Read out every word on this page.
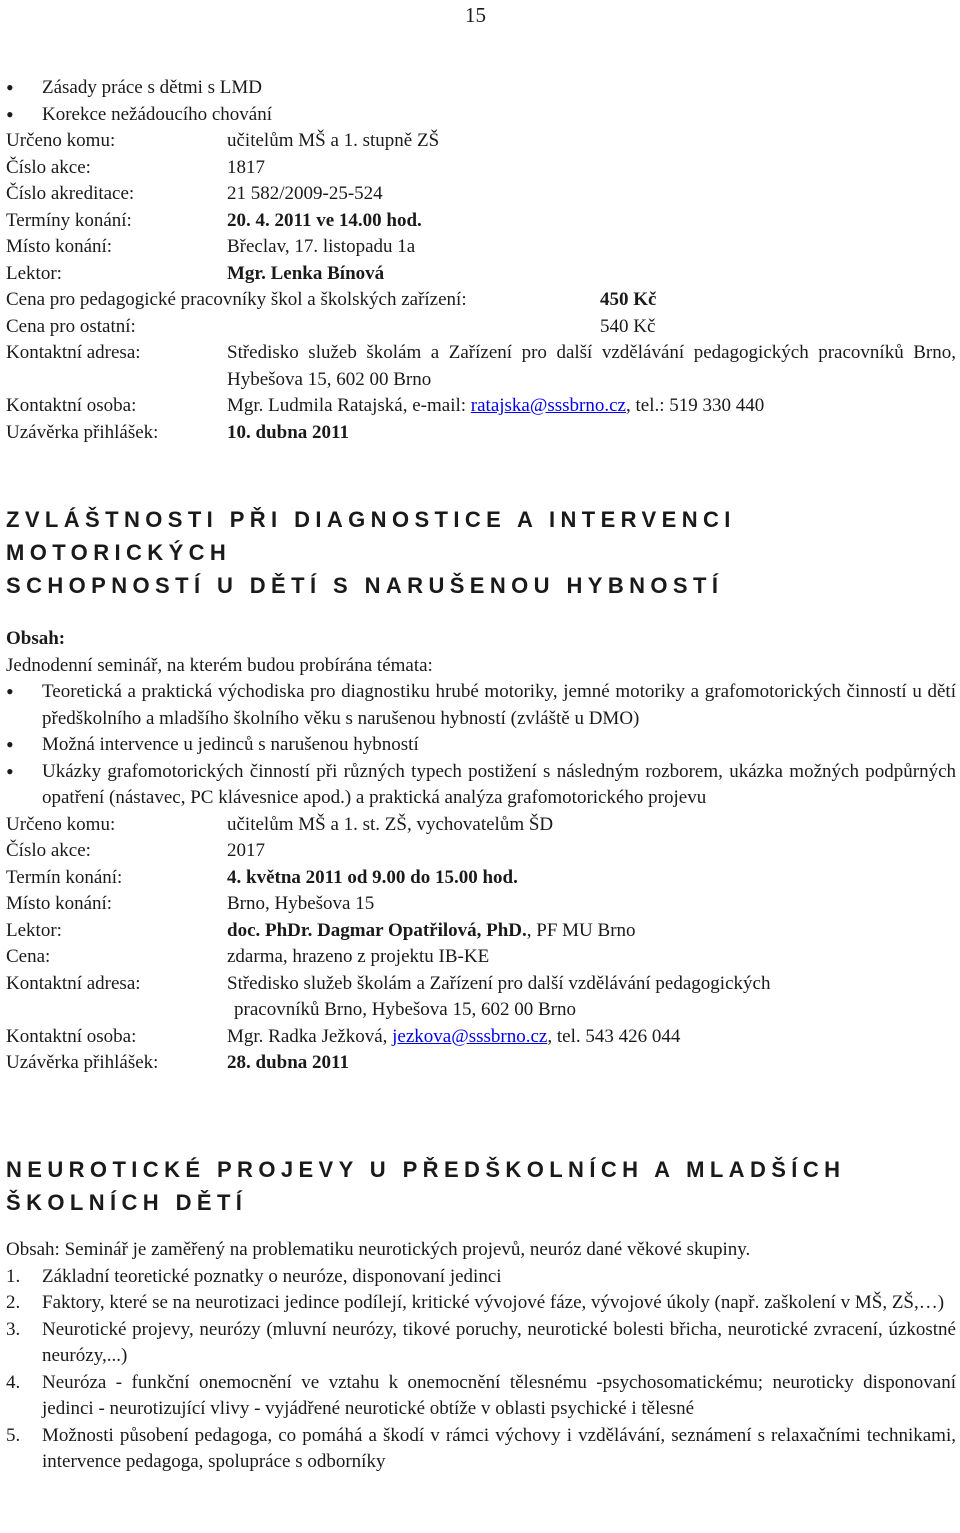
15
• Zásady práce s dětmi s LMD
• Korekce nežádoucího chování
Určeno komu:	učitelům MŠ a 1. stupně ZŠ
Číslo akce:	1817
Číslo akreditace:	21 582/2009-25-524
Termíny konání:	20. 4. 2011 ve 14.00 hod.
Místo konání:	Břeclav, 17. listopadu 1a
Lektor:	Mgr. Lenka Bínová
Cena pro pedagogické pracovníky škol a školských zařízení:	450 Kč
Cena pro ostatní:	540 Kč
Kontaktní adresa:	Středisko služeb školám a Zařízení pro další vzdělávání pedagogických pracovníků Brno, Hybešova 15, 602 00 Brno
Kontaktní osoba:	Mgr. Ludmila Ratajská, e-mail: ratajska@sssbrno.cz, tel.: 519 330 440
Uzávěrka přihlášek:	10. dubna 2011
ZVLÁŠTNOSTI PŘI DIAGNOSTICE A INTERVENCI MOTORICKÝCH
SCHOPNOSTÍ U DĚTÍ S NARUŠENOU HYBNOSTÍ
Obsah:
Jednodenní seminář, na kterém budou probírána témata:
• Teoretická a praktická východiska pro diagnostiku hrubé motoriky, jemné motoriky a grafomotorických činností u dětí předškolního a mladšího školního věku s narušenou hybností (zvláště u DMO)
• Možná intervence u jedinců s narušenou hybností
• Ukázky grafomotorických činností při různých typech postižení s následným rozborem, ukázka možných podpůrných opatření (nástavec, PC klávesnice apod.) a praktická analýza grafomotorického projevu
Určeno komu:	učitelům MŠ a 1. st. ZŠ, vychovatelům ŠD
Číslo akce:	2017
Termín konání:	4. května 2011 od 9.00 do 15.00 hod.
Místo konání:	Brno, Hybešova 15
Lektor:	doc. PhDr. Dagmar Opatřilová, PhD., PF MU Brno
Cena:	zdarma, hrazeno z projektu IB-KE
Kontaktní adresa:	Středisko služeb školám a Zařízení pro další vzdělávání pedagogických
pracovníků Brno, Hybešova 15, 602 00 Brno
Kontaktní osoba:	Mgr. Radka Ježková, jezkova@sssbrno.cz, tel. 543 426 044
Uzávěrka přihlášek:	28. dubna 2011
NEUROTICKÉ PROJEVY U PŘEDŠKOLNÍCH A MLADŠÍCH
ŠKOLNÍCH DĚTÍ
Obsah: Seminář je zaměřený na problematiku neurotických projevů, neuróz dané věkové skupiny.
1.	Základní teoretické poznatky o neuróze, disponovaní jedinci
2.	Faktory, které se na neurotizaci jedince podílejí, kritické vývojové fáze, vývojové úkoly (např. zaškolení v MŠ, ZŠ,…)
3.	Neurotické projevy, neurózy (mluvní neurózy, tikové poruchy, neurotické bolesti břicha, neurotické zvracení, úzkostné neurózy,...)
4.	Neuróza - funkční onemocnění ve vztahu k onemocnění tělesnému -psychosomatickému; neuroticky disponovaní jedinci - neurotizující vlivy - vyjádřené neurotické obtíže v oblasti psychické i tělesné
5.	Možnosti působení pedagoga, co pomáhá a škodí v rámci výchovy i vzdělávání, seznámení s relaxačními technikami, intervence pedagoga, spolupráce s odborníky
